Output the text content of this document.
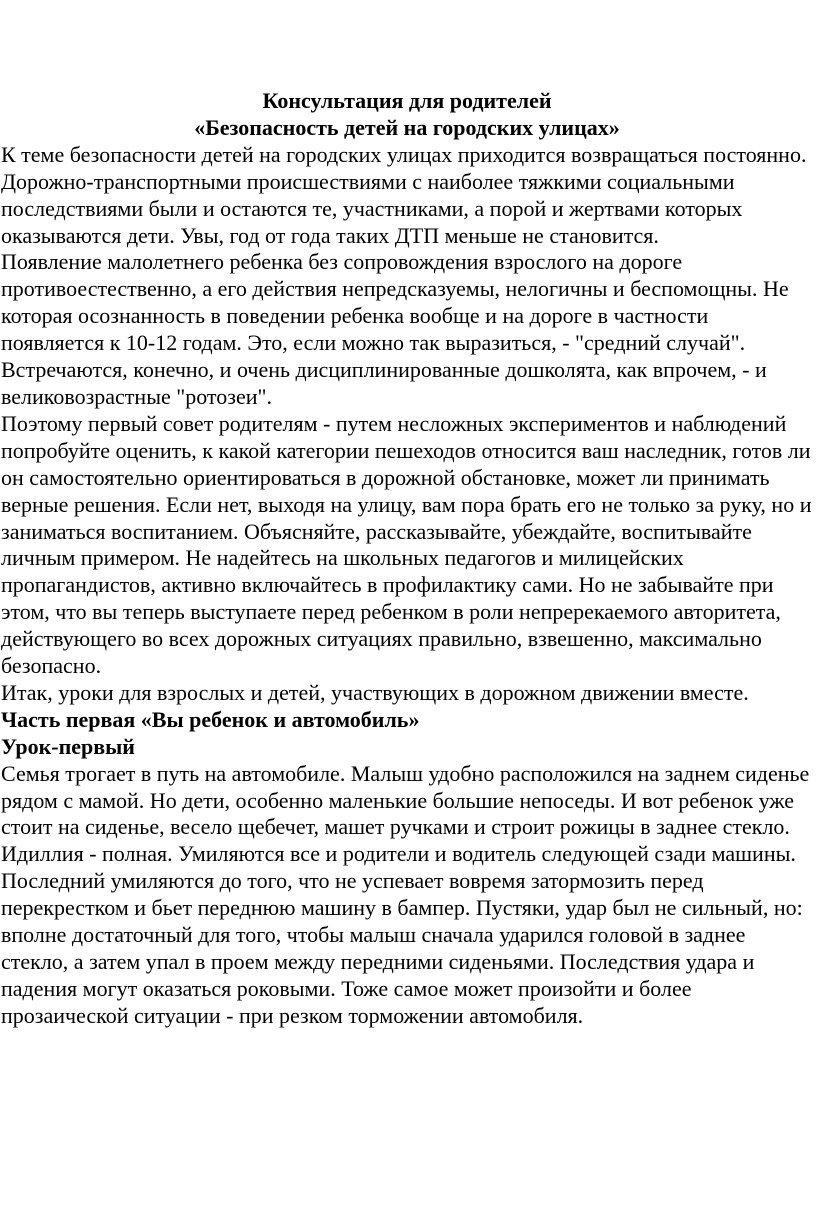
Консультация для родителей

«Безопасность детей на городских улицах»

К теме безопасности детей на городских улицах приходится возвращаться постоянно. Дорожно-транспортными происшествиями с наиболее тяжкими социальными последствиями были и остаются те, участниками, а порой и жертвами которых оказываются дети. Увы, год от года таких ДТП меньше не становится.

Появление малолетнего ребенка без сопровождения взрослого на дороге противоестественно, а его действия непредсказуемы, нелогичны и беспомощны. Не которая осознанность в поведении ребенка вообще и на дороге в частности появляется к 10-12 годам. Это, если можно так выразиться, - "средний случай". Встречаются, конечно, и очень дисциплинированные дошколята, как впрочем, - и великовозрастные "ротозеи".

Поэтому первый совет родителям - путем несложных экспериментов и наблюдений попробуйте оценить, к какой категории пешеходов относится ваш наследник, готов ли он самостоятельно ориентироваться в дорожной обстановке, может ли принимать верные решения. Если нет, выходя на улицу, вам пора брать его не только за руку, но и заниматься воспитанием. Объясняйте, рассказывайте, убеждайте, воспитывайте личным примером. Не надейтесь на школьных педагогов и милицейских пропагандистов, активно включайтесь в профилактику сами. Но не забывайте при этом, что вы теперь выступаете перед ребенком в роли непререкаемого авторитета, действующего во всех дорожных ситуациях правильно, взвешенно, максимально безопасно.

Итак, уроки для взрослых и детей, участвующих в дорожном движении вместе.

Часть первая «Вы ребенок и автомобиль»

Урок-первый

Семья трогает в путь на автомобиле. Малыш удобно расположился на заднем сиденье рядом с мамой. Но дети, особенно маленькие большие непоседы. И вот ребенок уже стоит на сиденье, весело щебечет, машет ручками и строит рожицы в заднее стекло. Идиллия - полная. Умиляются все и родители и водитель следующей сзади машины. Последний умиляются до того, что не успевает вовремя затормозить перед перекрестком и бьет переднюю машину в бампер. Пустяки, удар был не сильный, но: вполне достаточный для того, чтобы малыш сначала ударился головой в заднее стекло, а затем упал в проем между передними сиденьями. Последствия удара и падения могут оказаться роковыми. Тоже самое может произойти и более прозаической ситуации - при резком торможении автомобиля.
